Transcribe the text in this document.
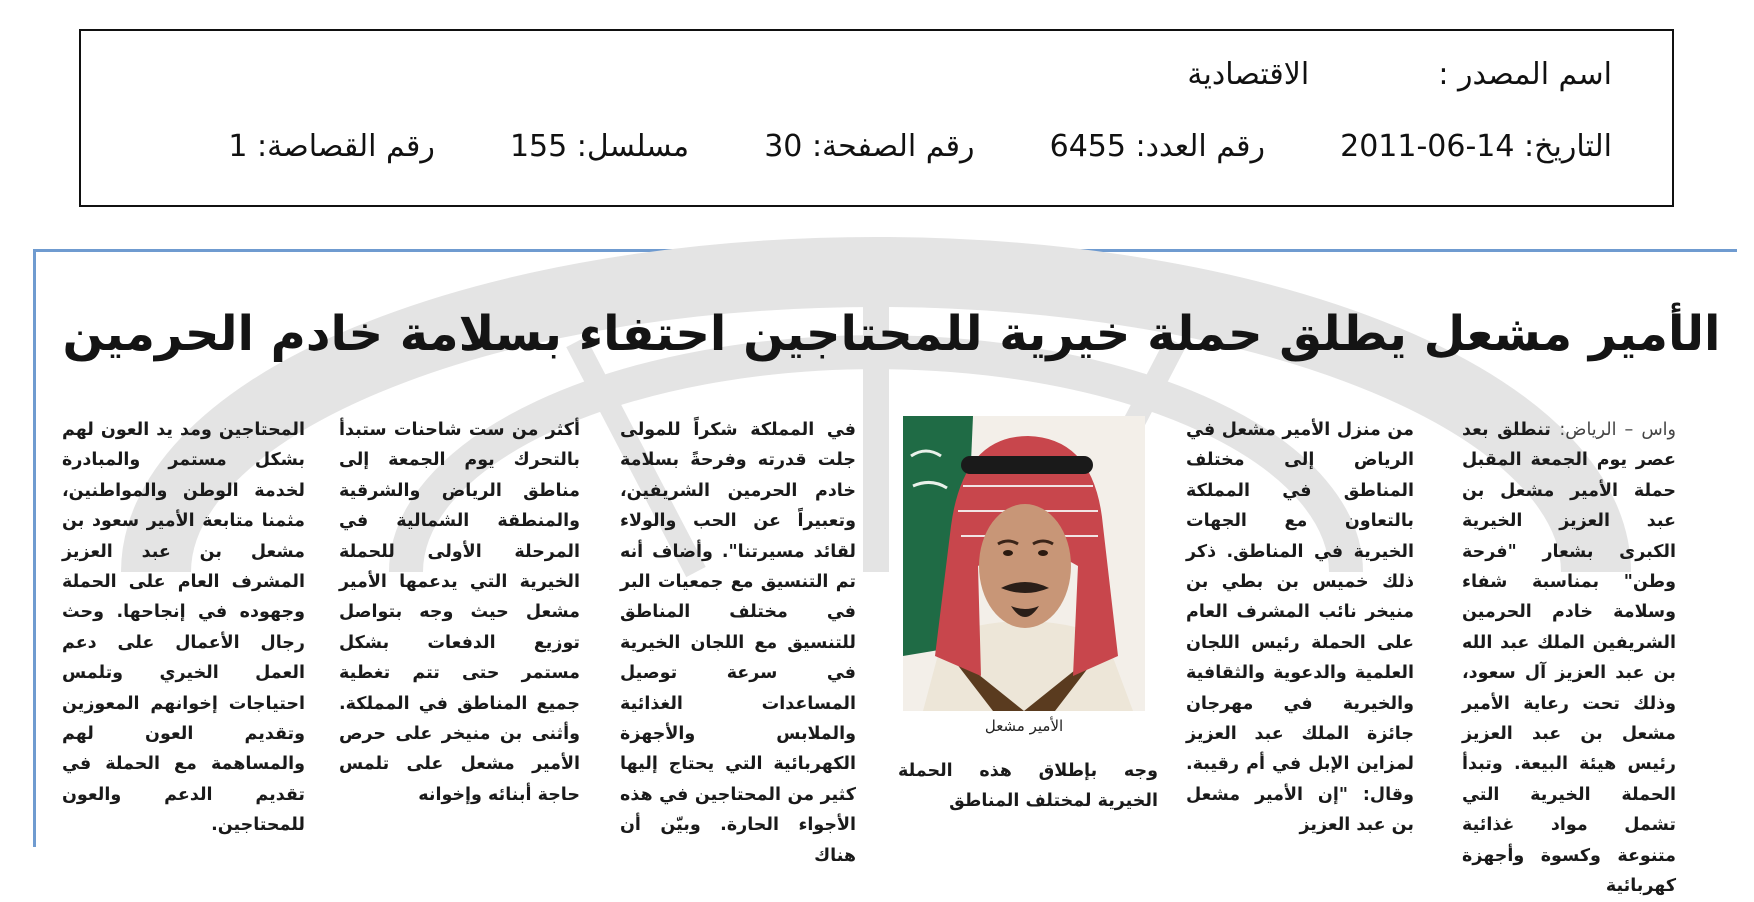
اسم المصدر :  الاقتصادية
التاريخ: 2011-06-14  رقم العدد: 6455  رقم الصفحة: 30  مسلسل: 155  رقم القصاصة: 1
الأمير مشعل يطلق حملة خيرية للمحتاجين احتفاء بسلامة خادم الحرمين

واس – الرياض: تنطلق بعد عصر يوم الجمعة المقبل حملة الأمير مشعل بن عبد العزيز الخيرية الكبرى بشعار "فرحة وطن" بمناسبة شفاء وسلامة خادم الحرمين الشريفين الملك عبد الله بن عبد العزيز آل سعود، وذلك تحت رعاية الأمير مشعل بن عبد العزيز رئيس هيئة البيعة. وتبدأ الحملة الخيرية التي تشمل مواد غذائية متنوعة وكسوة وأجهزة كهربائية

من منزل الأمير مشعل في الرياض إلى مختلف المناطق في المملكة بالتعاون مع الجهات الخيرية في المناطق. ذكر ذلك خميس بن بطي بن منيخر نائب المشرف العام على الحملة رئيس اللجان العلمية والدعوية والثقافية والخيرية في مهرجان جائزة الملك عبد العزيز لمزاين الإبل في أم رقيبة. وقال: "إن الأمير مشعل بن عبد العزيز

الأمير مشعل
وجه بإطلاق هذه الحملة الخيرية لمختلف المناطق

في المملكة شكراً للمولى جلت قدرته وفرحةً بسلامة خادم الحرمين الشريفين، وتعبيراً عن الحب والولاء لقائد مسيرتنا". وأضاف أنه تم التنسيق مع جمعيات البر في مختلف المناطق للتنسيق مع اللجان الخيرية في سرعة توصيل المساعدات الغذائية والملابس والأجهزة الكهربائية التي يحتاج إليها كثير من المحتاجين في هذه الأجواء الحارة. وبيّن أن هناك

أكثر من ست شاحنات ستبدأ بالتحرك يوم الجمعة إلى مناطق الرياض والشرقية والمنطقة الشمالية في المرحلة الأولى للحملة الخيرية التي يدعمها الأمير مشعل حيث وجه بتواصل توزيع الدفعات بشكل مستمر حتى تتم تغطية جميع المناطق في المملكة. وأثنى بن منيخر على حرص الأمير مشعل على تلمس حاجة أبنائه وإخوانه

المحتاجين ومد يد العون لهم بشكل مستمر والمبادرة لخدمة الوطن والمواطنين، مثمنا متابعة الأمير سعود بن مشعل بن عبد العزيز المشرف العام على الحملة وجهوده في إنجاحها. وحث رجال الأعمال على دعم العمل الخيري وتلمس احتياجات إخوانهم المعوزين وتقديم العون لهم والمساهمة مع الحملة في تقديم الدعم والعون للمحتاجين.
